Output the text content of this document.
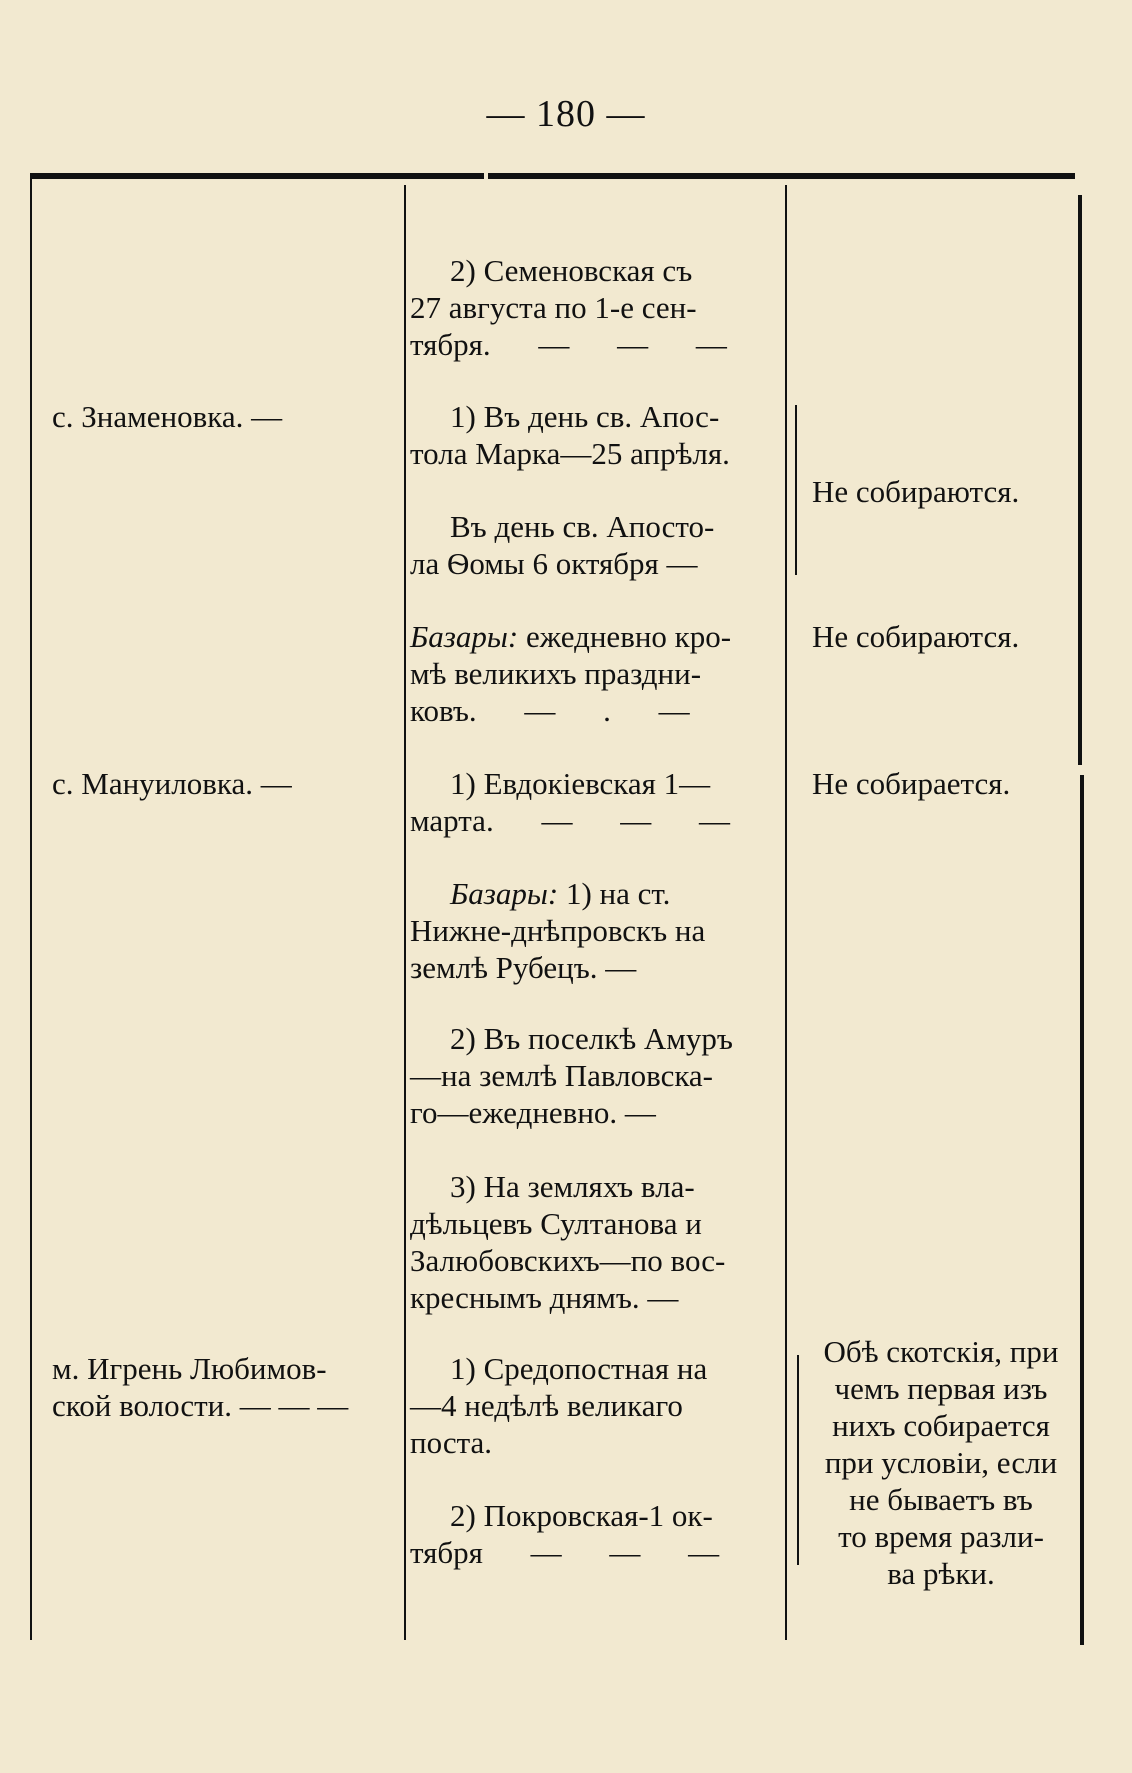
— 180 —
2) Семеновская съ
27 августа по 1-е сен-
тября. — — —
с. Знаменовка. —	1) Въ день св. Апос-
тола Марка—25 апрѣля.
Въ день св. Апосто-
ла Ѳомы 6 октября —
Не собираются.
Базары: ежедневно кро-
мѣ великихъ праздни-
ковъ. — . —
Не собираются.
с. Мануиловка. —	1) Евдокіевская 1—
марта. — — —
Не собирается.
Базары: 1) на ст.
Нижне-днѣпровскъ на
землѣ Рубецъ. —
2) Въ поселкѣ Амуръ
—на землѣ Павловска-
го—ежедневно. —
3) На земляхъ вла-
дѣльцевъ Султанова и
Залюбовскихъ—по вос-
креснымъ днямъ. —
м. Игрень Любимов-
ской волости. — — —
1) Средопостная на
—4 недѣлѣ великаго
поста.
2) Покровская-1 ок-
тября — — —
Обѣ скотскія, при
чемъ первая изъ
нихъ собирается
при условіи, если
не бываетъ въ
то время разли-
ва рѣки.
